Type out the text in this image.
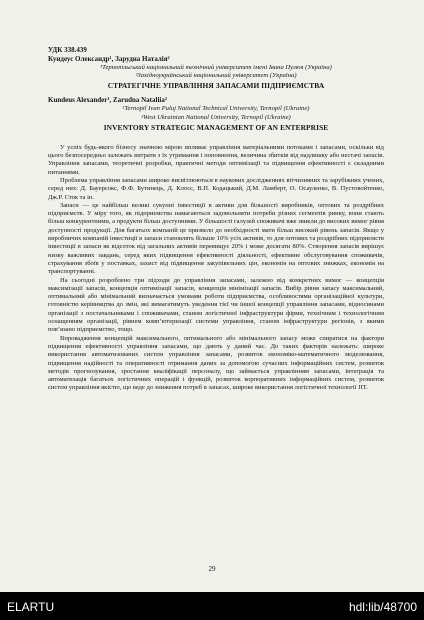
УДК 338.439
Кундеус Олександр¹, Зарудна Наталія²
¹Тернопільський національний технічний університет імені Івана Пулюя (Україна)
²Західноукраїнський національний університет (Україна)
СТРАТЕГІЧНЕ УПРАВЛІННЯ ЗАПАСАМИ ПІДПРИЄМСТВА
Kundeus Alexander¹, Zarudna Nataliia²
¹Ternopil Ivan Puluj National Technical University, Ternopil (Ukraine)
²West Ukrainian National University, Ternopil (Ukraine)
INVENTORY STRATEGIC MANAGEMENT OF AN ENTERPRISE

У успіх будь-якого бізнесу значною мірою впливає управління матеріальними потоками і запасами, оскільки від цього безпосередньо залежать витрати з їх утримання і поповнення, величина збитків від надлишку або нестачі запасів. Управління запасами, теоретичні розробки, практичні методи оптимізації та підвищення ефективності є складними питаннями.

Проблема управління запасами широко висвітлюються в наукових дослідженнях вітчизняних та зарубіжних учених, серед них: Д. Бауерсокс, Ф.Ф. Бутинець, Д. Клосс, В.П. Кодацький, Д.М. Ламберт, О. Осауленко, В. Пустовойтенко, Дж.Р. Сток та ін.

Запаси — це найбільш великі сукупні інвестиції в активи для більшості виробників, оптових та роздрібних підприємств. У міру того, як підприємства намагаються задовольняти потреби різних сегментів ринку, вони стають більш конкурентними, а продукти більш доступними. У більшості галузей споживачі вже звикли до високих вимог рівня доступності продукції. Для багатьох компаній це призвело до необхідності мати більш високий рівень запасів. Якщо у виробничих компаній інвестиції в запаси становлять більше 10% усіх активів, то для оптових та роздрібних підприємств інвестиції в запаси як відсоток від загальних активів перевищує 20% і може досягати 80%. Створення запасів вирішує низку важливих завдань, серед яких підвищення ефективності діяльності, ефективне обслуговування споживачів, страхування збоїв у поставках, захист від підвищення закупівельних цін, економія на оптових знижках, економія на транспортуванні.

На сьогодні розроблено три підходи до управління запасами, залежно від конкретних вимог — концепція максимізації запасів, концепція оптимізації запасів, концепція мінімізації запасів. Вибір рівня запасу максимальний, оптимальний або мінімальний визначається умовами роботи підприємства, особливостями організаційної культури, готовністю керівництва до змін, які вимагатимуть уведення тієї чи іншої концепції управління запасами, відносинами організації з постачальниками і споживачами, станом логістичної інфраструктури фірми, технічним і технологічним оснащенням організації, рівнем комп’ютеризації системи управління, станом інфраструктури регіонів, з якими пов’язано підприємство, тощо.

Впровадження концепцій максимального, оптимального або мінімального запасу може спиратися на фактори підвищення ефективності управління запасами, що дають у даний час. До таких факторів належать: широке використання автоматизованих систем управління запасами, розвиток економіко-математичного моделювання, підвищення надійності та оперативності отримання даних за допомогою сучасних інформаційних систем, розвиток методів прогнозування, зростання кваліфікації персоналу, що займається управлінням запасами, інтеграція та автоматизація багатьох логістичних операцій і функцій, розвиток корпоративних інформаційних систем, розвиток систем управління якістю, що веде до зниження потреб в запасах, широке використання логістичної технології JIT.

29
ELARTU	hdl:lib/48700
